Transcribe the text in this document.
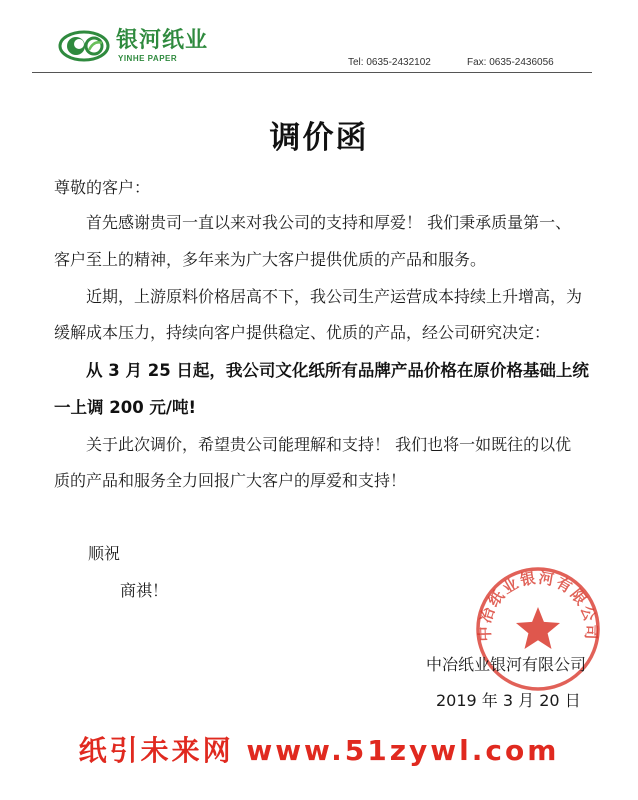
银河纸业
YINHE PAPER	Tel: 0635-2432102	Fax: 0635-2436056
调价函
尊敬的客户：
首先感谢贵司一直以来对我公司的支持和厚爱！ 我们秉承质量第一、
客户至上的精神，多年来为广大客户提供优质的产品和服务。
近期，上游原料价格居高不下，我公司生产运营成本持续上升增高，为
缓解成本压力，持续向客户提供稳定、优质的产品，经公司研究决定：
从 3 月 25 日起，我公司文化纸所有品牌产品价格在原价格基础上统
一上调 200 元/吨!
关于此次调价，希望贵公司能理解和支持！ 我们也将一如既往的以优
质的产品和服务全力回报广大客户的厚爱和支持！
顺祝
商祺！
中冶纸业银河有限公司
中冶纸业银河有限公司
2019 年 3 月 20 日
纸引未来网 www.51zywl.com
